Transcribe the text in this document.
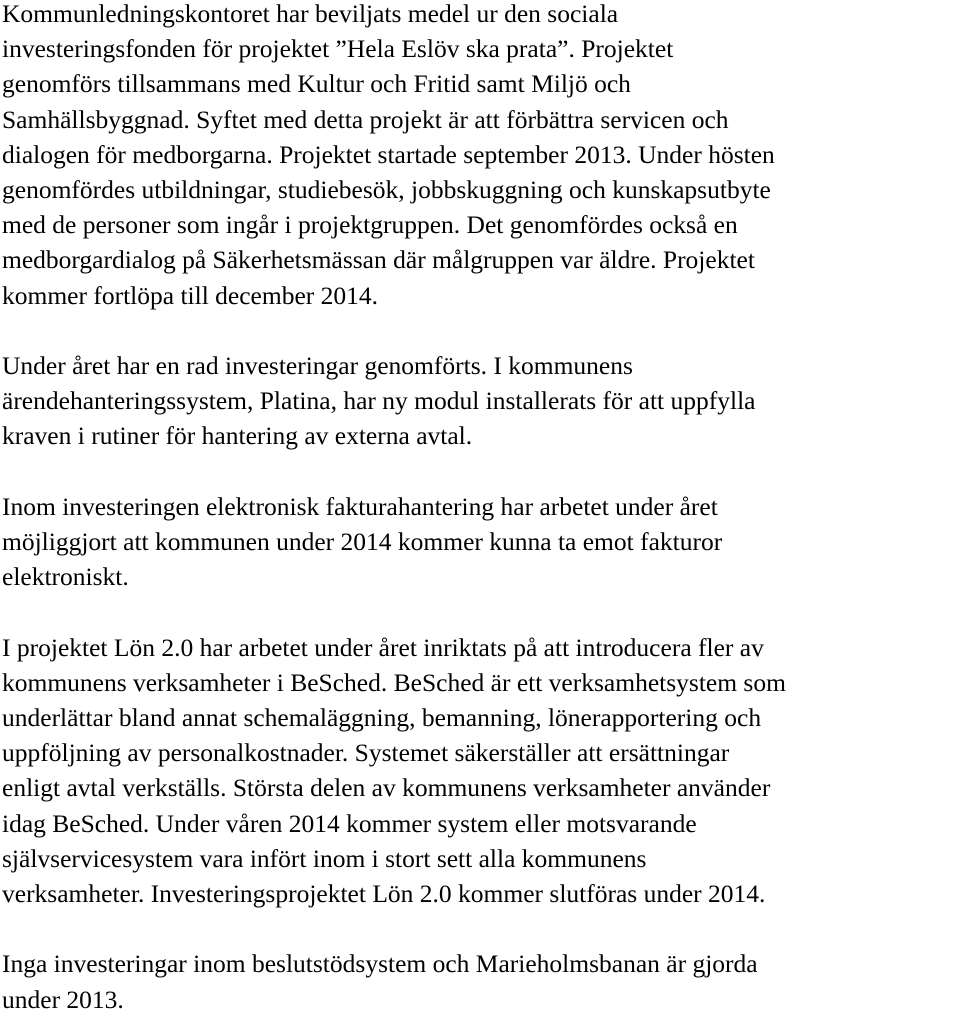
Kommunledningskontoret har beviljats medel ur den sociala
investeringsfonden för projektet ”Hela Eslöv ska prata”. Projektet
genomförs tillsammans med Kultur och Fritid samt Miljö och
Samhällsbyggnad. Syftet med detta projekt är att förbättra servicen och
dialogen för medborgarna. Projektet startade september 2013. Under hösten
genomfördes utbildningar, studiebesök, jobbskuggning och kunskapsutbyte
med de personer som ingår i projektgruppen. Det genomfördes också en
medborgardialog på Säkerhetsmässan där målgruppen var äldre. Projektet
kommer fortlöpa till december 2014.

Under året har en rad investeringar genomförts. I kommunens
ärendehanteringssystem, Platina, har ny modul installerats för att uppfylla
kraven i rutiner för hantering av externa avtal.

Inom investeringen elektronisk fakturahantering har arbetet under året
möjliggjort att kommunen under 2014 kommer kunna ta emot fakturor
elektroniskt.

I projektet Lön 2.0 har arbetet under året inriktats på att introducera fler av
kommunens verksamheter i BeSched. BeSched är ett verksamhetsystem som
underlättar bland annat schemaläggning, bemanning, lönerapportering och
uppföljning av personalkostnader. Systemet säkerställer att ersättningar
enligt avtal verkställs. Största delen av kommunens verksamheter använder
idag BeSched. Under våren 2014 kommer system eller motsvarande
självservicesystem vara infört inom i stort sett alla kommunens
verksamheter. Investeringsprojektet Lön 2.0 kommer slutföras under 2014.

Inga investeringar inom beslutstödsystem och Marieholmsbanan är gjorda
under 2013.
